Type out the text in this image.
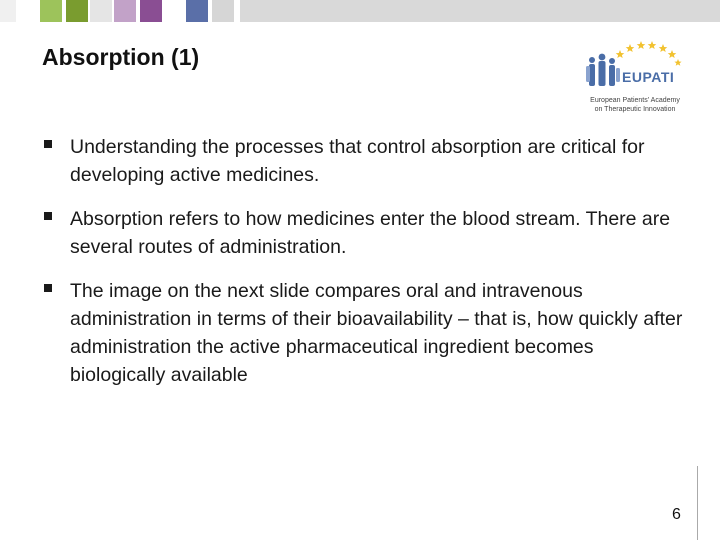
Absorption (1)
EUPATI
European Patients' Academy
on Therapeutic Innovation
Understanding the processes that control absorption are critical for developing active medicines.
Absorption refers to how medicines enter the blood stream. There are several routes of administration.
The image on the next slide compares oral and intravenous administration in terms of their bioavailability – that is, how quickly after administration the active pharmaceutical ingredient becomes biologically available
6
